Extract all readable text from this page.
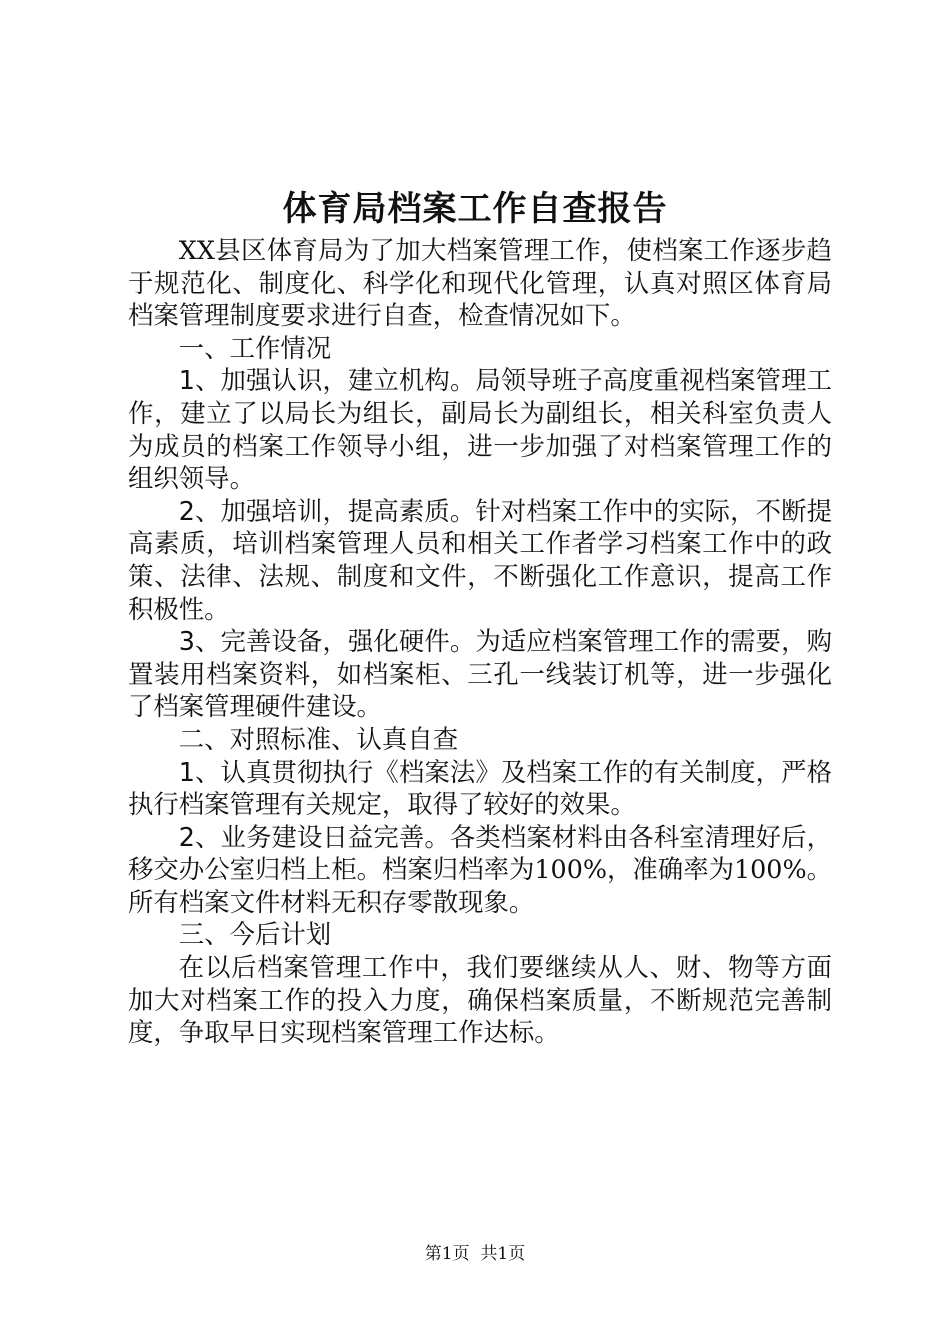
体育局档案工作自查报告

XX县区体育局为了加大档案管理工作，使档案工作逐步趋于规范化、制度化、科学化和现代化管理，认真对照区体育局档案管理制度要求进行自查，检查情况如下。

一、工作情况

1、加强认识，建立机构。局领导班子高度重视档案管理工作，建立了以局长为组长，副局长为副组长，相关科室负责人为成员的档案工作领导小组，进一步加强了对档案管理工作的组织领导。

2、加强培训，提高素质。针对档案工作中的实际，不断提高素质，培训档案管理人员和相关工作者学习档案工作中的政策、法律、法规、制度和文件，不断强化工作意识，提高工作积极性。

3、完善设备，强化硬件。为适应档案管理工作的需要，购置装用档案资料，如档案柜、三孔一线装订机等，进一步强化了档案管理硬件建设。

二、对照标准、认真自查

1、认真贯彻执行《档案法》及档案工作的有关制度，严格执行档案管理有关规定，取得了较好的效果。

2、业务建设日益完善。各类档案材料由各科室清理好后，移交办公室归档上柜。档案归档率为100%，准确率为100%。所有档案文件材料无积存零散现象。

三、今后计划

在以后档案管理工作中，我们要继续从人、财、物等方面加大对档案工作的投入力度，确保档案质量，不断规范完善制度，争取早日实现档案管理工作达标。

第1页  共1页
